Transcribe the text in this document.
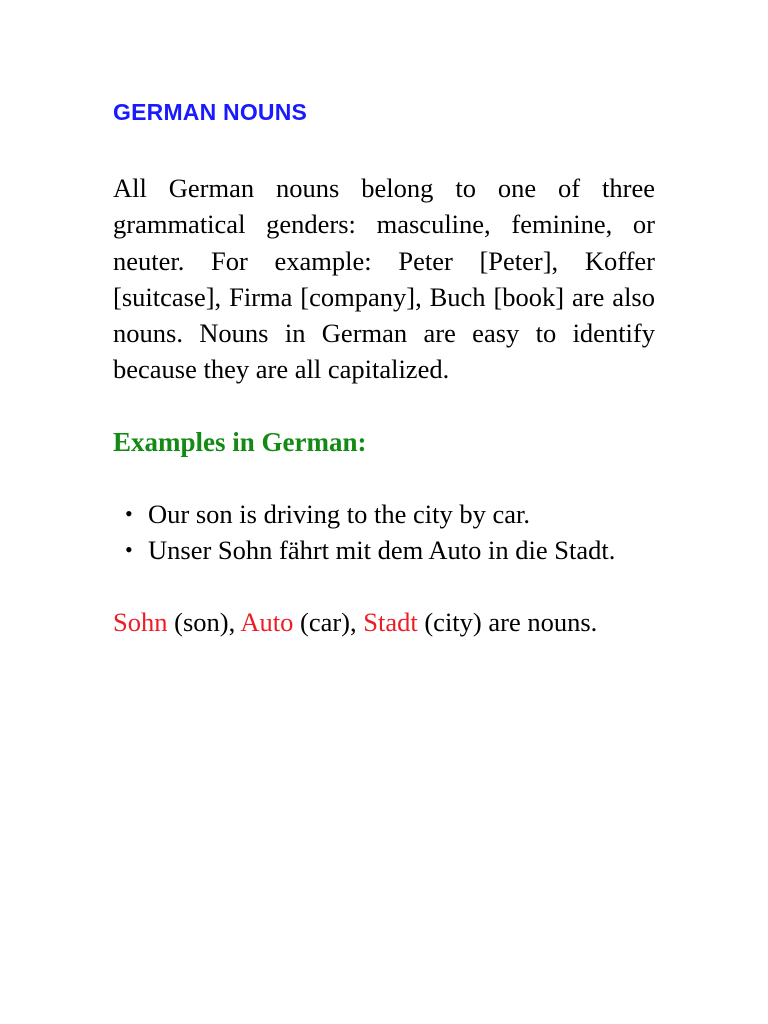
GERMAN NOUNS

All German nouns belong to one of three grammatical genders: masculine, feminine, or neuter. For example: Peter [Peter], Koffer [suitcase], Firma [company], Buch [book] are also nouns. Nouns in German are easy to identify because they are all capitalized.

Examples in German:
• Our son is driving to the city by car.
• Unser Sohn fährt mit dem Auto in die Stadt.

Sohn (son), Auto (car), Stadt (city) are nouns.
